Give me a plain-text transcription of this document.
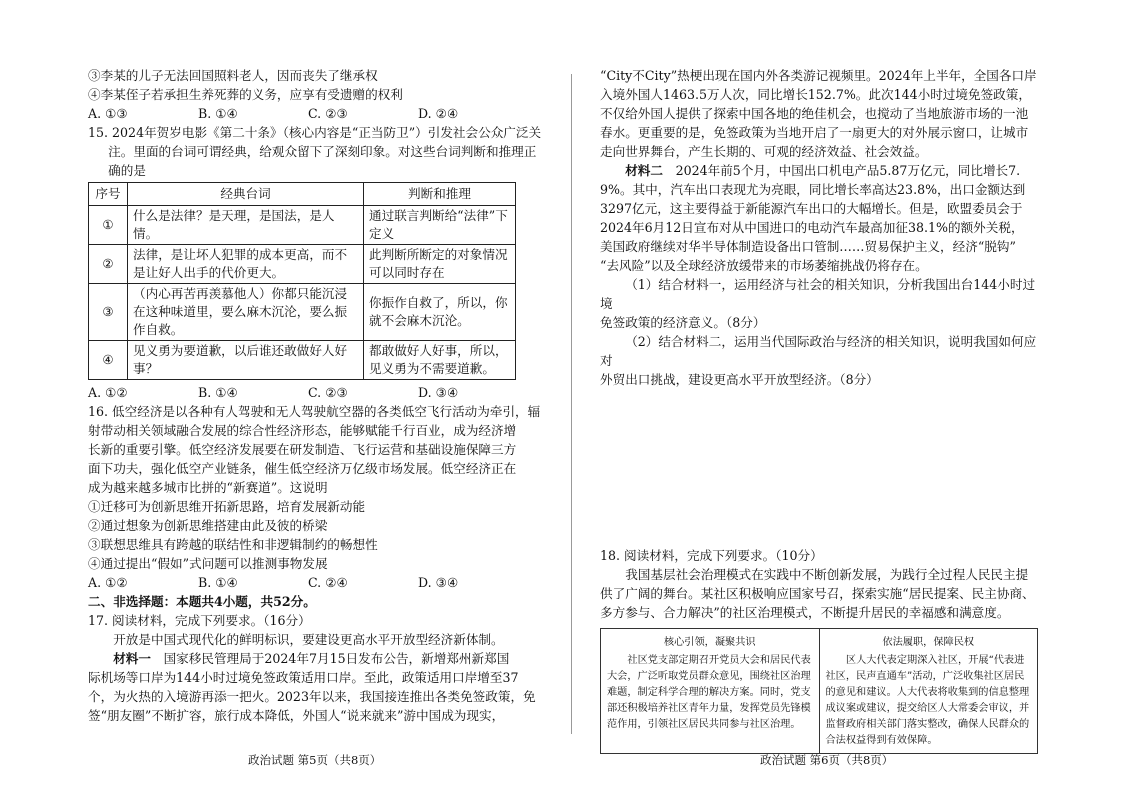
③李某的儿子无法回国照料老人，因而丧失了继承权

④李某侄子若承担生养死葬的义务，应享有受遗赠的权利

A. ①③	B. ①④	C. ②③	D. ②④

15. 2024年贺岁电影《第二十条》（核心内容是“正当防卫”）引发社会公众广泛关

注。里面的台词可谓经典，给观众留下了深刻印象。对这些台词判断和推理正

确的是

序号	经典台词	判断和推理
①	什么是法律？是天理，是国法，是人情。	通过联言判断给“法律”下定义
②	法律，是让坏人犯罪的成本更高，而不是让好人出手的代价更大。	此判断所断定的对象情况可以同时存在
③	（内心再苦再羡慕他人）你都只能沉浸在这种味道里，要么麻木沉沦，要么振作自救。	你振作自救了，所以，你就不会麻木沉沦。
④	见义勇为要道歉，以后谁还敢做好人好事？	都敢做好人好事，所以，见义勇为不需要道歉。
A. ①②	B. ①④	C. ②③	D. ③④

16. 低空经济是以各种有人驾驶和无人驾驶航空器的各类低空飞行活动为牵引，辐

射带动相关领域融合发展的综合性经济形态，能够赋能千行百业，成为经济增

长新的重要引擎。低空经济发展要在研发制造、飞行运营和基础设施保障三方

面下功夫，强化低空产业链条，催生低空经济万亿级市场发展。低空经济正在

成为越来越多城市比拼的“新赛道”。这说明

①迁移可为创新思维开拓新思路，培育发展新动能

②通过想象为创新思维搭建由此及彼的桥梁

③联想思维具有跨越的联结性和非逻辑制约的畅想性

④通过提出“假如”式问题可以推测事物发展

A. ①②	B. ①④	C. ②④	D. ③④

二、非选择题：本题共4小题，共52分。

17. 阅读材料，完成下列要求。（16分）

开放是中国式现代化的鲜明标识，要建设更高水平开放型经济新体制。

材料一　 国家移民管理局于2024年7月15日发布公告，新增郑州新郑国

际机场等口岸为144小时过境免签政策适用口岸。至此，政策适用口岸增至37

个，为火热的入境游再添一把火。2023年以来，我国接连推出各类免签政策，免

签“朋友圈”不断扩容，旅行成本降低，外国人“说来就来”游中国成为现实，

“City不City”热梗出现在国内外各类游记视频里。2024年上半年，全国各口岸

入境外国人1463.5万人次，同比增长152.7%。此次144小时过境免签政策，

不仅给外国人提供了探索中国各地的绝佳机会，也搅动了当地旅游市场的一池

春水。更重要的是，免签政策为当地开启了一扇更大的对外展示窗口，让城市

走向世界舞台，产生长期的、可观的经济效益、社会效益。

材料二　 2024年前5个月，中国出口机电产品5.87万亿元，同比增长7.

9%。其中，汽车出口表现尤为亮眼，同比增长率高达23.8%，出口金额达到

3297亿元，这主要得益于新能源汽车出口的大幅增长。但是，欧盟委员会于

2024年6月12日宣布对从中国进口的电动汽车最高加征38.1%的额外关税，

美国政府继续对华半导体制造设备出口管制……贸易保护主义，经济“脱钩”

“去风险”以及全球经济放缓带来的市场萎缩挑战仍将存在。

（1）结合材料一，运用经济与社会的相关知识，分析我国出台144小时过境

免签政策的经济意义。（8分）

（2）结合材料二，运用当代国际政治与经济的相关知识，说明我国如何应对

外贸出口挑战，建设更高水平开放型经济。（8分）

18. 阅读材料，完成下列要求。（10分）

我国基层社会治理模式在实践中不断创新发展，为践行全过程人民民主提

供了广阔的舞台。某社区积极响应国家号召，探索实施“居民提案、民主协商、

多方参与、合力解决”的社区治理模式，不断提升居民的幸福感和满意度。

核心引领，凝聚共识
社区党支部定期召开党员大会和居民代表大会，广泛听取党员群众意见，围绕社区治理难题，制定科学合理的解决方案。同时，党支部还积极培养社区青年力量，发挥党员先锋模范作用，引领社区居民共同参与社区治理。
依法履职，保障民权
区人大代表定期深入社区，开展“代表进社区，民声直通车”活动，广泛收集社区居民的意见和建议。人大代表将收集到的信息整理成议案或建议，提交给区人大常委会审议，并监督政府相关部门落实整改，确保人民群众的合法权益得到有效保障。
政治试题 第5页（共8页）	政治试题 第6页（共8页）
